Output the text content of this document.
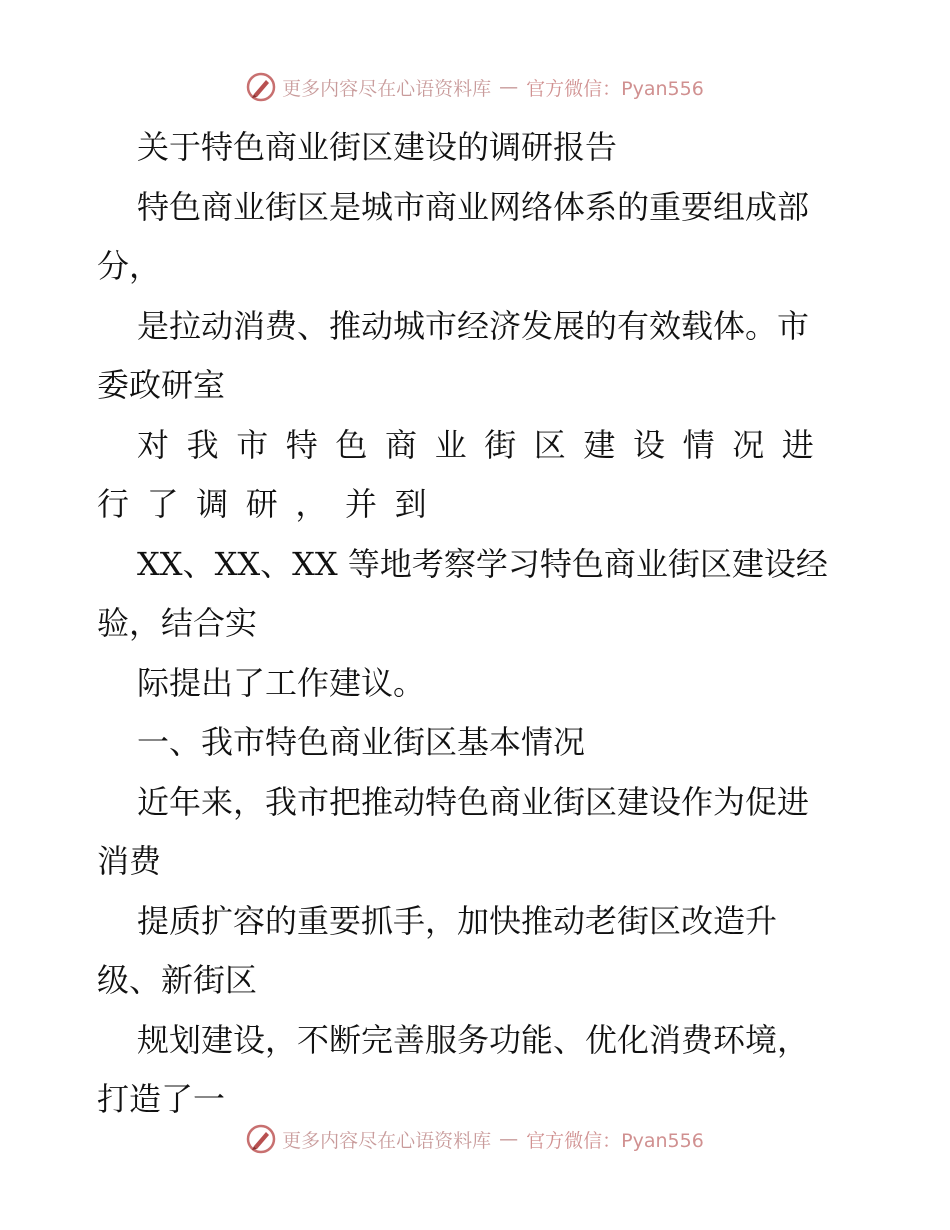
更多内容尽在心语资料库 — 官方微信：Pyan556
关于特色商业街区建设的调研报告
特色商业街区是城市商业网络体系的重要组成部
分，
是拉动消费、推动城市经济发展的有效载体。市
委政研室
对我市特色商业街区建设情况进
行了调研，并到
XX、XX、XX 等地考察学习特色商业街区建设经
验，结合实
际提出了工作建议。
一、我市特色商业街区基本情况
近年来，我市把推动特色商业街区建设作为促进
消费
提质扩容的重要抓手，加快推动老街区改造升
级、新街区
规划建设，不断完善服务功能、优化消费环境，
打造了一
更多内容尽在心语资料库 — 官方微信：Pyan556
